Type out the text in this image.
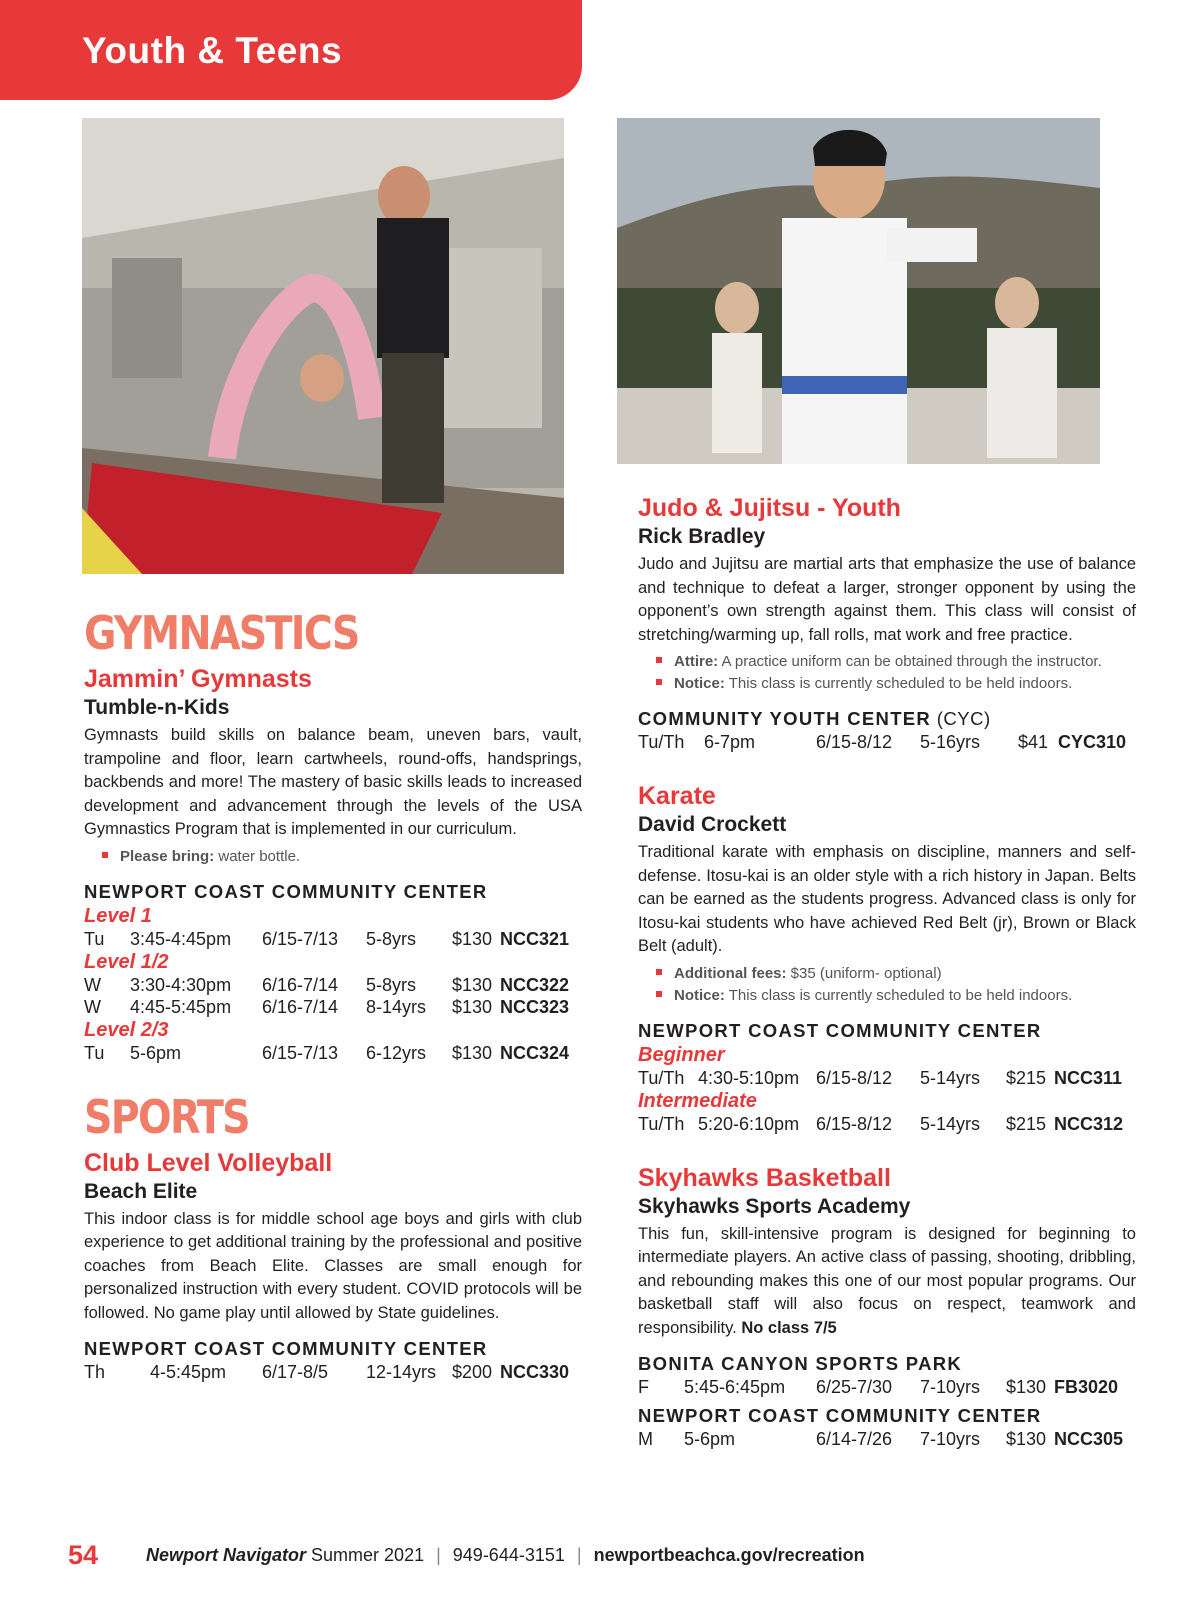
Youth & Teens
GYMNASTICS
Jammin’ Gymnasts

Tumble-n-Kids

Gymnasts build skills on balance beam, uneven bars, vault, trampoline and floor, learn cartwheels, round-offs, handsprings, backbends and more! The mastery of basic skills leads to increased development and advancement through the levels of the USA Gymnastics Program that is implemented in our curriculum.

Please bring: water bottle.

NEWPORT COAST COMMUNITY CENTER

Level 1

Tu 3:45-4:45pm 6/15-7/13 5-8yrs $130 NCC321

Level 1/2

W 3:30-4:30pm 6/16-7/14 5-8yrs $130 NCC322
W 4:45-5:45pm 6/16-7/14 8-14yrs $130 NCC323

Level 2/3

Tu 5-6pm	6/15-7/13 6-12yrs $130 NCC324
SPORTS
Club Level Volleyball

Beach Elite

This indoor class is for middle school age boys and girls with club experience to get additional training by the professional and positive coaches from Beach Elite. Classes are small enough for personalized instruction with every student. COVID protocols will be followed. No game play until allowed by State guidelines.

NEWPORT COAST COMMUNITY CENTER

Th 4-5:45pm 6/17-8/5 12-14yrs $200 NCC330
Judo & Jujitsu - Youth

Rick Bradley

Judo and Jujitsu are martial arts that emphasize the use of balance and technique to defeat a larger, stronger opponent by using the opponent’s own strength against them. This class will consist of stretching/warming up, fall rolls, mat work and free practice.

Attire: A practice uniform can be obtained through the instructor.

Notice: This class is currently scheduled to be held indoors.

COMMUNITY YOUTH CENTER (CYC)

Tu/Th 6-7pm	6/15-8/12 5-16yrs $41 CYC310
Karate

David Crockett

Traditional karate with emphasis on discipline, manners and self-defense. Itosu-kai is an older style with a rich history in Japan. Belts can be earned as the students progress. Advanced class is only for Itosu-kai students who have achieved Red Belt (jr), Brown or Black Belt (adult).

Additional fees: $35 (uniform- optional)

Notice: This class is currently scheduled to be held indoors.

NEWPORT COAST COMMUNITY CENTER

Beginner

Tu/Th 4:30-5:10pm 6/15-8/12 5-14yrs $215 NCC311

Intermediate

Tu/Th 5:20-6:10pm 6/15-8/12 5-14yrs $215 NCC312
Skyhawks Basketball

Skyhawks Sports Academy

This fun, skill-intensive program is designed for beginning to intermediate players. An active class of passing, shooting, dribbling, and rebounding makes this one of our most popular programs. Our basketball staff will also focus on respect, teamwork and responsibility. No class 7/5

BONITA CANYON SPORTS PARK

F 5:45-6:45pm 6/25-7/30 7-10yrs $130 FB3020

NEWPORT COAST COMMUNITY CENTER

M 5-6pm	6/14-7/26 7-10yrs $130 NCC305
54	Newport Navigator Summer 2021 | 949-644-3151 | newportbeachca.gov/recreation
